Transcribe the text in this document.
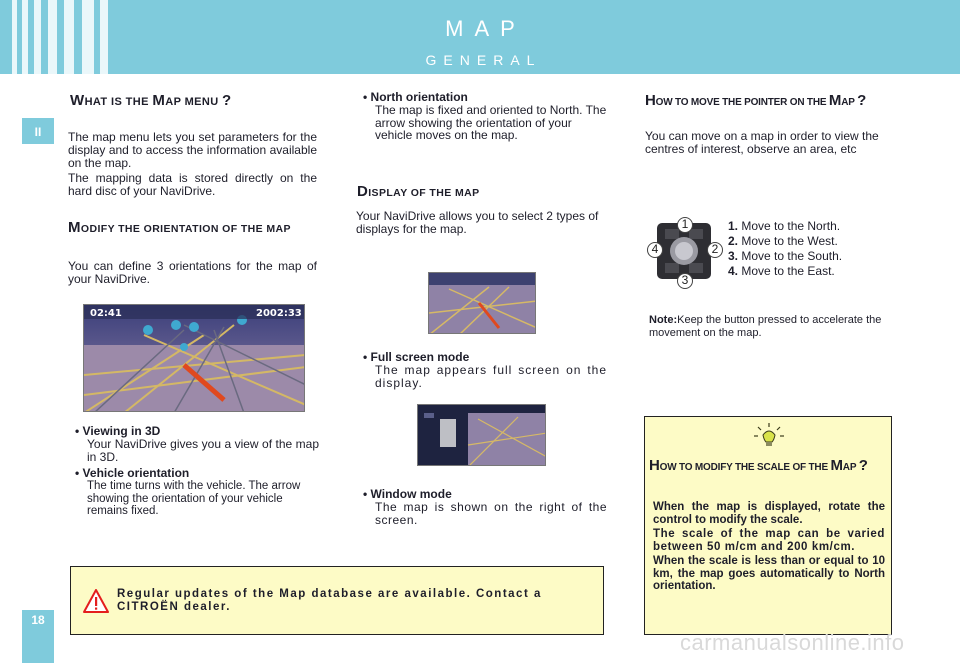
MAP
GENERAL
II
18
WHAT IS THE MAP MENU ?
The map menu lets you set parameters for the display and to access the information available on the map.
The mapping data is stored directly on the hard disc of your NaviDrive.
MODIFY THE ORIENTATION OF THE MAP
You can define 3 orientations for the map of your NaviDrive.
02:41	2002:33
• Viewing in 3D
Your NaviDrive gives you a view of the map in 3D.
• Vehicle orientation
The time turns with the vehicle. The arrow showing the orientation of your vehicle remains fixed.
• North orientation
The map is fixed and oriented to North. The arrow showing the orientation of your vehicle moves on the map.
DISPLAY OF THE MAP
Your NaviDrive allows you to select 2 types of displays for the map.
• Full screen mode
The map appears full screen on the display.
• Window mode
The map is shown on the right of the screen.
HOW TO MOVE THE POINTER ON THE MAP ?
You can move on a map in order to view the centres of interest, observe an area, etc
1
2
3
4
1. Move to the North.
2. Move to the West.
3. Move to the South.
4. Move to the East.
Note:Keep the button pressed to accelerate the movement on the map.
HOW TO MODIFY THE SCALE OF THE MAP ?

When the map is displayed, rotate the control to modify the scale.

The scale of the map can be varied between 50 m/cm and 200 km/cm.

When the scale is less than or equal to 10 km, the map goes automatically to North orientation.

Regular updates of the Map database are available. Contact a CITROËN dealer.
carmanualsonline.info
